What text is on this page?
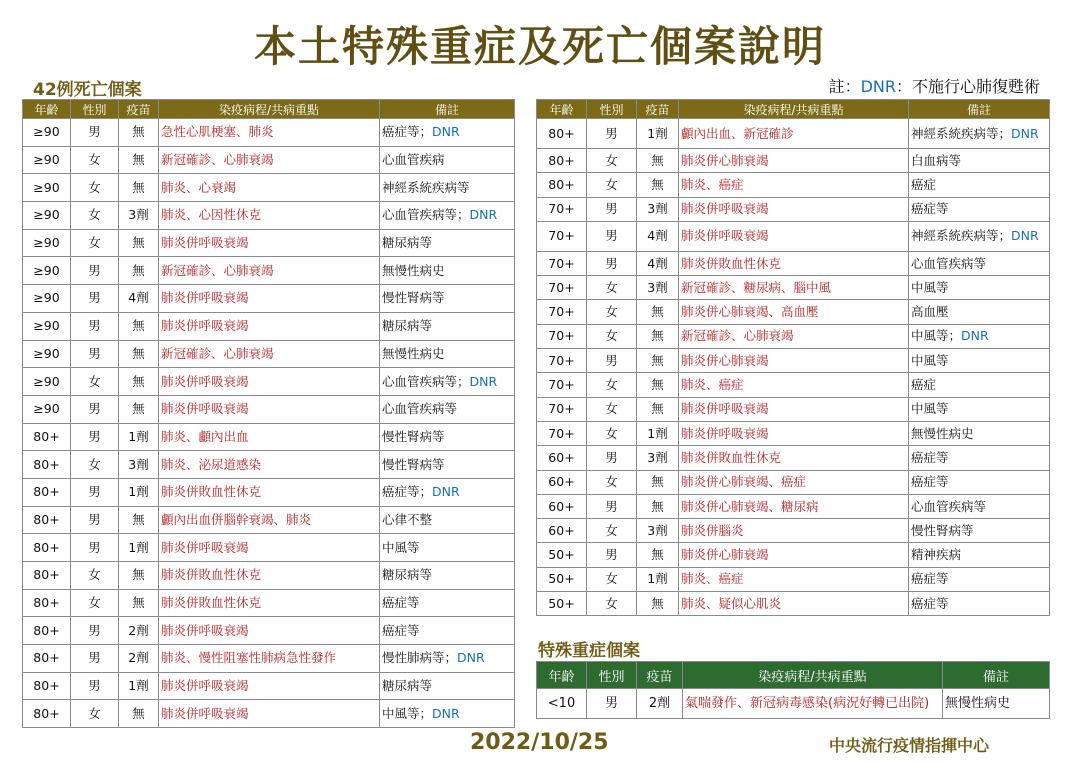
本土特殊重症及死亡個案說明
42例死亡個案	註：DNR：不施行心肺復甦術
年齡	性別	疫苗	染疫病程/共病重點	備註
≥90	男	無	急性心肌梗塞、肺炎	癌症等；DNR
≥90	女	無	新冠確診、心肺衰竭	心血管疾病
≥90	女	無	肺炎、心衰竭	神經系統疾病等
≥90	女	3劑	肺炎、心因性休克	心血管疾病等；DNR
≥90	女	無	肺炎併呼吸衰竭	糖尿病等
≥90	男	無	新冠確診、心肺衰竭	無慢性病史
≥90	男	4劑	肺炎併呼吸衰竭	慢性腎病等
≥90	男	無	肺炎併呼吸衰竭	糖尿病等
≥90	男	無	新冠確診、心肺衰竭	無慢性病史
≥90	女	無	肺炎併呼吸衰竭	心血管疾病等；DNR
≥90	男	無	肺炎併呼吸衰竭	心血管疾病等
80+	男	1劑	肺炎、顱內出血	慢性腎病等
80+	女	3劑	肺炎、泌尿道感染	慢性腎病等
80+	男	1劑	肺炎併敗血性休克	癌症等；DNR
80+	男	無	顱內出血併腦幹衰竭、肺炎	心律不整
80+	男	1劑	肺炎併呼吸衰竭	中風等
80+	女	無	肺炎併敗血性休克	糖尿病等
80+	女	無	肺炎併敗血性休克	癌症等
80+	男	2劑	肺炎併呼吸衰竭	癌症等
80+	男	2劑	肺炎、慢性阻塞性肺病急性發作	慢性肺病等；DNR
80+	男	1劑	肺炎併呼吸衰竭	糖尿病等
80+	女	無	肺炎併呼吸衰竭	中風等；DNR
年齡	性別	疫苗	染疫病程/共病重點	備註
80+	男	1劑	顱內出血、新冠確診	神經系統疾病等；DNR
80+	女	無	肺炎併心肺衰竭	白血病等
80+	女	無	肺炎、癌症	癌症
70+	男	3劑	肺炎併呼吸衰竭	癌症等
70+	男	4劑	肺炎併呼吸衰竭	神經系統疾病等；DNR
70+	男	4劑	肺炎併敗血性休克	心血管疾病等
70+	女	3劑	新冠確診、糖尿病、腦中風	中風等
70+	女	無	肺炎併心肺衰竭、高血壓	高血壓
70+	女	無	新冠確診、心肺衰竭	中風等；DNR
70+	男	無	肺炎併心肺衰竭	中風等
70+	女	無	肺炎、癌症	癌症
70+	女	無	肺炎併呼吸衰竭	中風等
70+	女	1劑	肺炎併呼吸衰竭	無慢性病史
60+	男	3劑	肺炎併敗血性休克	癌症等
60+	女	無	肺炎併心肺衰竭、癌症	癌症等
60+	男	無	肺炎併心肺衰竭、糖尿病	心血管疾病等
60+	女	3劑	肺炎併腦炎	慢性腎病等
50+	男	無	肺炎併心肺衰竭	精神疾病
50+	女	1劑	肺炎、癌症	癌症等
50+	女	無	肺炎、疑似心肌炎	癌症等
特殊重症個案
年齡	性別	疫苗	染疫病程/共病重點	備註
<10	男	2劑	氣喘發作、新冠病毒感染(病況好轉已出院)	無慢性病史
2022/10/25	中央流行疫情指揮中心
